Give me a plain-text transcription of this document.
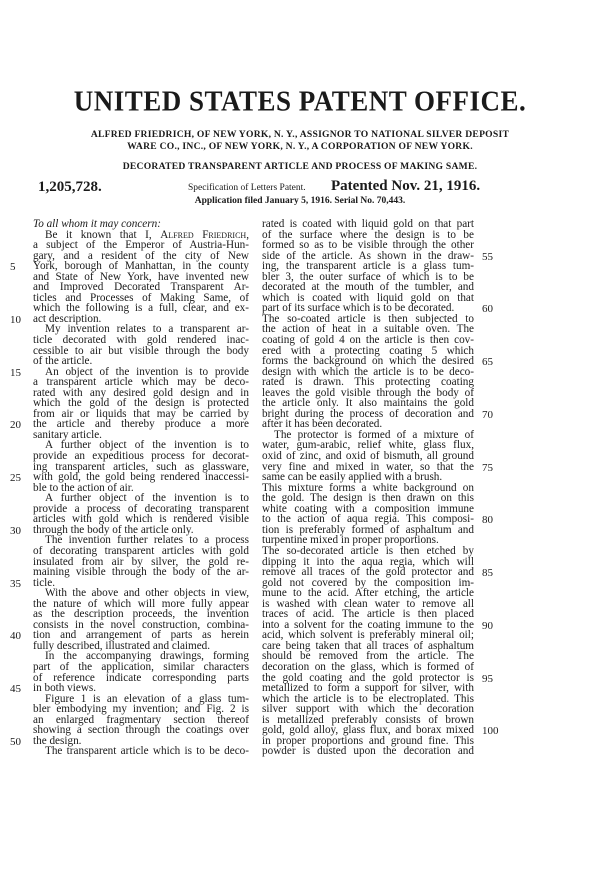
UNITED STATES PATENT OFFICE.
ALFRED FRIEDRICH, OF NEW YORK, N. Y., ASSIGNOR TO NATIONAL SILVER DEPOSIT
WARE CO., INC., OF NEW YORK, N. Y., A CORPORATION OF NEW YORK.
DECORATED TRANSPARENT ARTICLE AND PROCESS OF MAKING SAME.
1,205,728.	Specification of Letters Patent. Patented Nov. 21, 1916.
Application filed January 5, 1916. Serial No. 70,443.
To all whom it may concern:
Be it known that I, Alfred Friedrich,
a subject of the Emperor of Austria-Hun-
gary, and a resident of the city of New
York, borough of Manhattan, in the county
and State of New York, have invented new
and Improved Decorated Transparent Ar-
ticles and Processes of Making Same, of
which the following is a full, clear, and ex-
act description.
My invention relates to a transparent ar-
ticle decorated with gold rendered inac-
cessible to air but visible through the body
of the article.
An object of the invention is to provide
a transparent article which may be deco-
rated with any desired gold design and in
which the gold of the design is protected
from air or liquids that may be carried by
the article and thereby produce a more
sanitary article.
A further object of the invention is to
provide an expeditious process for decorat-
ing transparent articles, such as glassware,
with gold, the gold being rendered inaccessi-
ble to the action of air.
A further object of the invention is to
provide a process of decorating transparent
articles with gold which is rendered visible
through the body of the article only.
The invention further relates to a process
of decorating transparent articles with gold
insulated from air by silver, the gold re-
maining visible through the body of the ar-
ticle.
With the above and other objects in view,
the nature of which will more fully appear
as the description proceeds, the invention
consists in the novel construction, combina-
tion and arrangement of parts as herein
fully described, illustrated and claimed.
In the accompanying drawings, forming
part of the application, similar characters
of reference indicate corresponding parts
in both views.
Figure 1 is an elevation of a glass tum-
bler embodying my invention; and Fig. 2 is
an enlarged fragmentary section thereof
showing a section through the coatings over
the design.
The transparent article which is to be deco-
rated is coated with liquid gold on that part
of the surface where the design is to be
formed so as to be visible through the other
side of the article. As shown in the draw-
ing, the transparent article is a glass tum-
bler 3, the outer surface of which is to be
decorated at the mouth of the tumbler, and
which is coated with liquid gold on that
part of its surface which is to be decorated.
The so-coated article is then subjected to
the action of heat in a suitable oven. The
coating of gold 4 on the article is then cov-
ered with a protecting coating 5 which
forms the background on which the desired
design with which the article is to be deco-
rated is drawn. This protecting coating
leaves the gold visible through the body of
the article only. It also maintains the gold
bright during the process of decoration and
after it has been decorated.
The protector is formed of a mixture of
water, gum-arabic, relief white, glass flux,
oxid of zinc, and oxid of bismuth, all ground
very fine and mixed in water, so that the
same can be easily applied with a brush.
This mixture forms a white background on
the gold. The design is then drawn on this
white coating with a composition immune
to the action of aqua regia. This composi-
tion is preferably formed of asphaltum and
turpentine mixed in proper proportions.
The so-decorated article is then etched by
dipping it into the aqua regia, which will
remove all traces of the gold protector and
gold not covered by the composition im-
mune to the acid. After etching, the article
is washed with clean water to remove all
traces of acid. The article is then placed
into a solvent for the coating immune to the
acid, which solvent is preferably mineral oil;
care being taken that all traces of asphaltum
should be removed from the article. The
decoration on the glass, which is formed of
the gold coating and the gold protector is
metallized to form a support for silver, with
which the article is to be electroplated. This
silver support with which the decoration
is metallized preferably consists of brown
gold, gold alloy, glass flux, and borax mixed
in proper proportions and ground fine. This
powder is dusted upon the decoration and
5
10
15
20
25
30
35
40
45
50
55
60
65
70
75
80
85
90
95
100
